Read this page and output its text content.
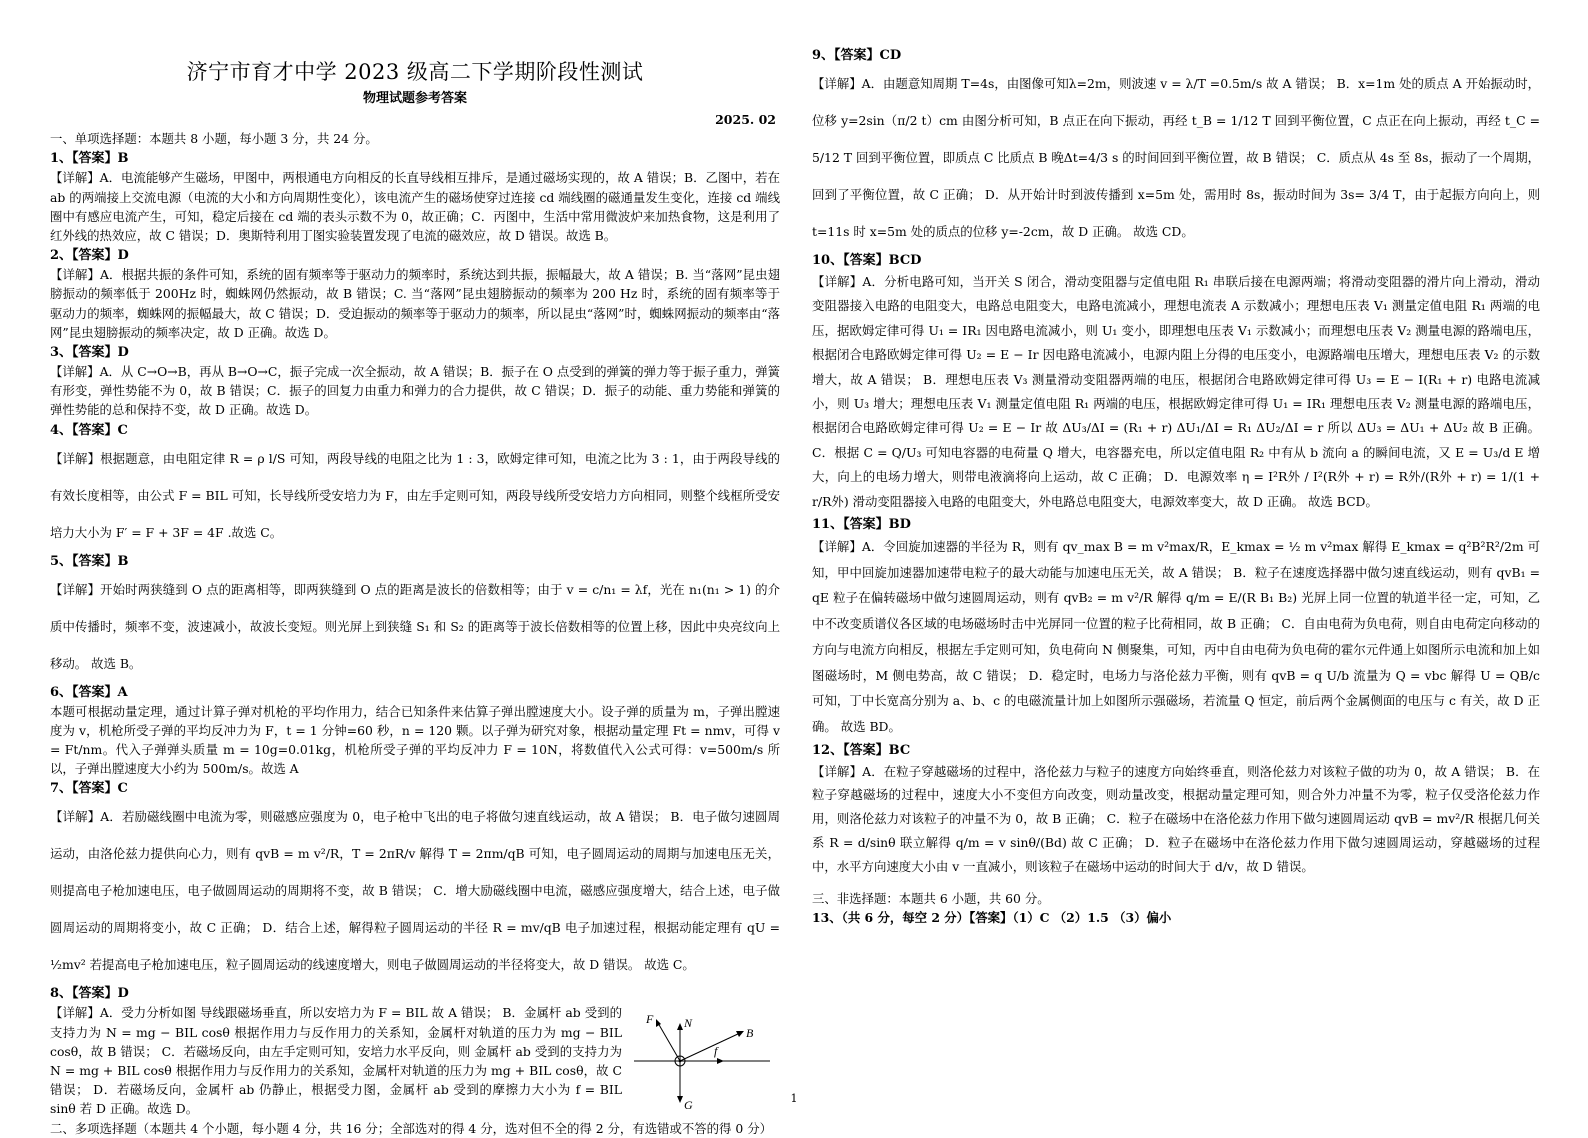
济宁市育才中学 2023 级高二下学期阶段性测试
物理试题参考答案
2025. 02

一、单项选择题：本题共 8 小题，每小题 3 分，共 24 分。

1、【答案】B

【详解】A．电流能够产生磁场，甲图中，两根通电方向相反的长直导线相互排斥，是通过磁场实现的，故 A 错误；B．乙图中，若在 ab 的两端接上交流电源（电流的大小和方向周期性变化），该电流产生的磁场使穿过连接 cd 端线圈的磁通量发生变化，连接 cd 端线圈中有感应电流产生，可知，稳定后接在 cd 端的表头示数不为 0，故正确；C．丙图中，生活中常用微波炉来加热食物，这是利用了红外线的热效应，故 C 错误；D．奥斯特利用丁图实验装置发现了电流的磁效应，故 D 错误。故选 B。

2、【答案】D

【详解】A．根据共振的条件可知，系统的固有频率等于驱动力的频率时，系统达到共振，振幅最大，故 A 错误；B. 当“落网”昆虫翅膀振动的频率低于 200Hz 时，蜘蛛网仍然振动，故 B 错误；C. 当“落网”昆虫翅膀振动的频率为 200 Hz 时，系统的固有频率等于驱动力的频率，蜘蛛网的振幅最大，故 C 错误；D．受迫振动的频率等于驱动力的频率，所以昆虫“落网”时，蜘蛛网振动的频率由“落网”昆虫翅膀振动的频率决定，故 D 正确。故选 D。

3、【答案】D

【详解】A．从 C→O→B，再从 B→O→C，振子完成一次全振动，故 A 错误；B．振子在 O 点受到的弹簧的弹力等于振子重力，弹簧有形变，弹性势能不为 0，故 B 错误；C．振子的回复力由重力和弹力的合力提供，故 C 错误；D．振子的动能、重力势能和弹簧的弹性势能的总和保持不变，故 D 正确。故选 D。

4、【答案】C

【详解】根据题意，由电阻定律 R = ρ l/S 可知，两段导线的电阻之比为 1 : 3，欧姆定律可知，电流之比为 3 : 1，由于两段导线的有效长度相等，由公式 F = BIL 可知，长导线所受安培力为 F，由左手定则可知，两段导线所受安培力方向相同，则整个线框所受安培力大小为 F′ = F + 3F = 4F .故选 C。

5、【答案】B

【详解】开始时两狭缝到 O 点的距离相等，即两狭缝到 O 点的距离是波长的倍数相等；由于 v = c/n₁ = λf，光在 n₁(n₁ > 1) 的介质中传播时，频率不变，波速减小，故波长变短。则光屏上到狭缝 S₁ 和 S₂ 的距离等于波长倍数相等的位置上移，因此中央亮纹向上移动。 故选 B。

6、【答案】A

本题可根据动量定理，通过计算子弹对机枪的平均作用力，结合已知条件来估算子弹出膛速度大小。设子弹的质量为 m，子弹出膛速度为 v，机枪所受子弹的平均反冲力为 F，t = 1 分钟=60 秒，n = 120 颗。以子弹为研究对象，根据动量定理 Ft = nmv，可得 v = Ft/nm。代入子弹弹头质量 m = 10g=0.01kg，机枪所受子弹的平均反冲力 F = 10N，将数值代入公式可得：v=500m/s 所以，子弹出膛速度大小约为 500m/s。故选 A

7、【答案】C

【详解】A．若励磁线圈中电流为零，则磁感应强度为 0，电子枪中飞出的电子将做匀速直线运动，故 A 错误； B．电子做匀速圆周运动，由洛伦兹力提供向心力，则有 qvB = m v²/R，T = 2πR/v 解得 T = 2πm/qB 可知，电子圆周运动的周期与加速电压无关，则提高电子枪加速电压，电子做圆周运动的周期将不变，故 B 错误； C．增大励磁线圈中电流，磁感应强度增大，结合上述，电子做圆周运动的周期将变小，故 C 正确； D．结合上述，解得粒子圆周运动的半径 R = mv/qB 电子加速过程，根据动能定理有 qU = ½mv² 若提高电子枪加速电压，粒子圆周运动的线速度增大，则电子做圆周运动的半径将变大，故 D 错误。 故选 C。

8、【答案】D

【详解】A．受力分析如图 导线跟磁场垂直，所以安培力为 F = BIL 故 A 错误； B．金属杆 ab 受到的支持力为 N = mg − BIL cosθ 根据作用力与反作用力的关系知，金属杆对轨道的压力为 mg − BIL cosθ，故 B 错误； C．若磁场反向，由左手定则可知，安培力水平反向，则 金属杆 ab 受到的支持力为 N = mg + BIL cosθ 根据作用力与反作用力的关系知，金属杆对轨道的压力为 mg + BIL cosθ，故 C 错误； D．若磁场反向，金属杆 ab 仍静止，根据受力图，金属杆 ab 受到的摩擦力大小为 f = BIL sinθ 若 D 正确。故选 D。

F	N
B
f
G

二、多项选择题（本题共 4 个小题，每小题 4 分，共 16 分；全部选对的得 4 分，选对但不全的得 2 分，有选错或不答的得 0 分）

9、【答案】CD

【详解】A．由题意知周期 T=4s，由图像可知λ=2m，则波速 v = λ/T =0.5m/s 故 A 错误； B．x=1m 处的质点 A 开始振动时，位移 y=2sin（π/2 t）cm 由图分析可知，B 点正在向下振动，再经 t_B = 1/12 T 回到平衡位置，C 点正在向上振动，再经 t_C = 5/12 T 回到平衡位置，即质点 C 比质点 B 晚Δt=4/3 s 的时间回到平衡位置，故 B 错误； C．质点从 4s 至 8s，振动了一个周期，回到了平衡位置，故 C 正确； D．从开始计时到波传播到 x=5m 处，需用时 8s，振动时间为 3s= 3/4 T，由于起振方向向上，则 t=11s 时 x=5m 处的质点的位移 y=-2cm，故 D 正确。 故选 CD。

10、【答案】BCD

【详解】A．分析电路可知，当开关 S 闭合，滑动变阻器与定值电阻 R₁ 串联后接在电源两端；将滑动变阻器的滑片向上滑动，滑动变阻器接入电路的电阻变大，电路总电阻变大，电路电流减小，理想电流表 A 示数减小；理想电压表 V₁ 测量定值电阻 R₁ 两端的电压，据欧姆定律可得 U₁ = IR₁ 因电路电流减小，则 U₁ 变小，即理想电压表 V₁ 示数减小；而理想电压表 V₂ 测量电源的路端电压，根据闭合电路欧姆定律可得 U₂ = E − Ir 因电路电流减小，电源内阻上分得的电压变小，电源路端电压增大，理想电压表 V₂ 的示数增大，故 A 错误； B．理想电压表 V₃ 测量滑动变阻器两端的电压，根据闭合电路欧姆定律可得 U₃ = E − I(R₁ + r) 电路电流减小，则 U₃ 增大；理想电压表 V₁ 测量定值电阻 R₁ 两端的电压，根据欧姆定律可得 U₁ = IR₁ 理想电压表 V₂ 测量电源的路端电压，根据闭合电路欧姆定律可得 U₂ = E − Ir 故 ΔU₃/ΔI = (R₁ + r) ΔU₁/ΔI = R₁ ΔU₂/ΔI = r 所以 ΔU₃ = ΔU₁ + ΔU₂ 故 B 正确。 C．根据 C = Q/U₃ 可知电容器的电荷量 Q 增大，电容器充电，所以定值电阻 R₂ 中有从 b 流向 a 的瞬间电流，又 E = U₃/d E 增大，向上的电场力增大，则带电液滴将向上运动，故 C 正确； D．电源效率 η = I²R外 / I²(R外 + r) = R外/(R外 + r) = 1/(1 + r/R外) 滑动变阻器接入电路的电阻变大，外电路总电阻变大，电源效率变大，故 D 正确。 故选 BCD。

11、【答案】BD

【详解】A．令回旋加速器的半径为 R，则有 qv_max B = m v²max/R，E_kmax = ½ m v²max 解得 E_kmax = q²B²R²/2m 可知，甲中回旋加速器加速带电粒子的最大动能与加速电压无关，故 A 错误； B．粒子在速度选择器中做匀速直线运动，则有 qvB₁ = qE 粒子在偏转磁场中做匀速圆周运动，则有 qvB₂ = m v²/R 解得 q/m = E/(R B₁ B₂) 光屏上同一位置的轨道半径一定，可知，乙中不改变质谱仪各区域的电场磁场时击中光屏同一位置的粒子比荷相同，故 B 正确； C．自由电荷为负电荷，则自由电荷定向移动的方向与电流方向相反，根据左手定则可知，负电荷向 N 侧聚集，可知，丙中自由电荷为负电荷的霍尔元件通上如图所示电流和加上如图磁场时，M 侧电势高，故 C 错误； D．稳定时，电场力与洛伦兹力平衡，则有 qvB = q U/b 流量为 Q = vbc 解得 U = QB/c 可知，丁中长宽高分别为 a、b、c 的电磁流量计加上如图所示强磁场，若流量 Q 恒定，前后两个金属侧面的电压与 c 有关，故 D 正确。 故选 BD。

12、【答案】BC

【详解】A．在粒子穿越磁场的过程中，洛伦兹力与粒子的速度方向始终垂直，则洛伦兹力对该粒子做的功为 0，故 A 错误； B．在粒子穿越磁场的过程中，速度大小不变但方向改变，则动量改变，根据动量定理可知，则合外力冲量不为零，粒子仅受洛伦兹力作用，则洛伦兹力对该粒子的冲量不为 0，故 B 正确； C．粒子在磁场中在洛伦兹力作用下做匀速圆周运动 qvB = mv²/R 根据几何关系 R = d/sinθ 联立解得 q/m = v sinθ/(Bd) 故 C 正确； D．粒子在磁场中在洛伦兹力作用下做匀速圆周运动，穿越磁场的过程中，水平方向速度大小由 v 一直减小，则该粒子在磁场中运动的时间大于 d/v，故 D 错误。

三、非选择题：本题共 6 小题，共 60 分。

13、（共 6 分，每空 2 分）【答案】（1）C （2）1.5 （3）偏小

1
